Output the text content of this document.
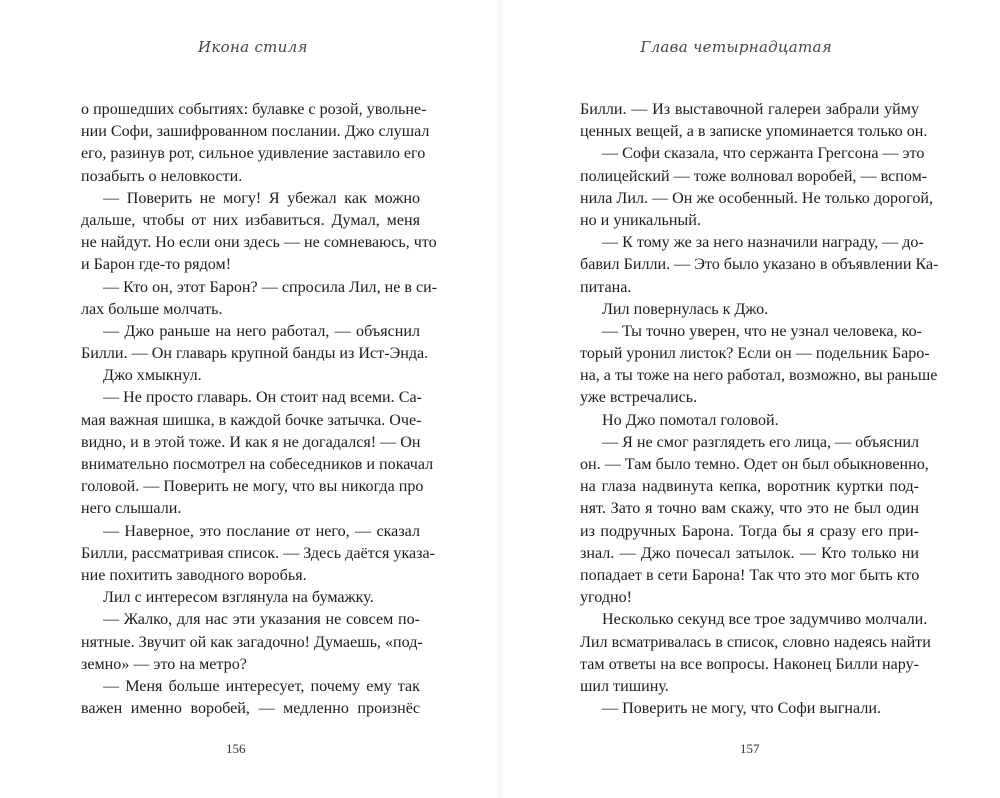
Икона стиля
о прошедших событиях: булавке с розой, увольне-
нии Софи, зашифрованном послании. Джо слушал
его, разинув рот, сильное удивление заставило его
позабыть о неловкости.
— Поверить не могу! Я убежал как можно
дальше, чтобы от них избавиться. Думал, меня
не найдут. Но если они здесь — не сомневаюсь, что
и Барон где-то рядом!
— Кто он, этот Барон? — спросила Лил, не в си-
лах больше молчать.
— Джо раньше на него работал, — объяснил
Билли. — Он главарь крупной банды из Ист-Энда.
Джо хмыкнул.
— Не просто главарь. Он стоит над всеми. Са-
мая важная шишка, в каждой бочке затычка. Оче-
видно, и в этой тоже. И как я не догадался! — Он
внимательно посмотрел на собеседников и покачал
головой. — Поверить не могу, что вы никогда про
него слышали.
— Наверное, это послание от него, — сказал
Билли, рассматривая список. — Здесь даётся указа-
ние похитить заводного воробья.
Лил с интересом взглянула на бумажку.
— Жалко, для нас эти указания не совсем по-
нятные. Звучит ой как загадочно! Думаешь, «под-
земно» — это на метро?
— Меня больше интересует, почему ему так
важен именно воробей, — медленно произнёс
156
Глава четырнадцатая
Билли. — Из выставочной галереи забрали уйму
ценных вещей, а в записке упоминается только он.
— Софи сказала, что сержанта Грегсона — это
полицейский — тоже волновал воробей, — вспом-
нила Лил. — Он же особенный. Не только дорогой,
но и уникальный.
— К тому же за него назначили награду, — до-
бавил Билли. — Это было указано в объявлении Ка-
питана.
Лил повернулась к Джо.
— Ты точно уверен, что не узнал человека, ко-
торый уронил листок? Если он — подельник Баро-
на, а ты тоже на него работал, возможно, вы раньше
уже встречались.
Но Джо помотал головой.
— Я не смог разглядеть его лица, — объяснил
он. — Там было темно. Одет он был обыкновенно,
на глаза надвинута кепка, воротник куртки под-
нят. Зато я точно вам скажу, что это не был один
из подручных Барона. Тогда бы я сразу его при-
знал. — Джо почесал затылок. — Кто только ни
попадает в сети Барона! Так что это мог быть кто
угодно!
Несколько секунд все трое задумчиво молчали.
Лил всматривалась в список, словно надеясь найти
там ответы на все вопросы. Наконец Билли нару-
шил тишину.
— Поверить не могу, что Софи выгнали.
157
